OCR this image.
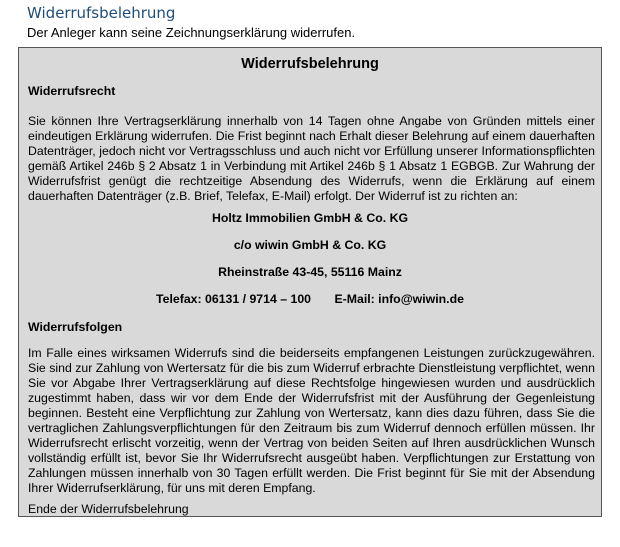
Widerrufsbelehrung
Der Anleger kann seine Zeichnungserklärung widerrufen.
Widerrufsbelehrung
Widerrufsrecht

Sie können Ihre Vertragserklärung innerhalb von 14 Tagen ohne Angabe von Gründen mittels einer eindeutigen Erklärung widerrufen. Die Frist beginnt nach Erhalt dieser Belehrung auf einem dauerhaften Datenträger, jedoch nicht vor Vertragsschluss und auch nicht vor Erfüllung unserer Informationspflichten gemäß Artikel 246b § 2 Absatz 1 in Verbindung mit Artikel 246b § 1 Absatz 1 EGBGB. Zur Wahrung der Widerrufsfrist genügt die rechtzeitige Absendung des Widerrufs, wenn die Erklärung auf einem dauerhaften Datenträger (z.B. Brief, Telefax, E-Mail) erfolgt. Der Widerruf ist zu richten an:

Holtz Immobilien GmbH & Co. KG
c/o wiwin GmbH & Co. KG
Rheinstraße 43-45, 55116 Mainz
Telefax: 06131 / 9714 – 100 E-Mail: info@wiwin.de
Widerrufsfolgen

Im Falle eines wirksamen Widerrufs sind die beiderseits empfangenen Leistungen zurückzugewähren. Sie sind zur Zahlung von Wertersatz für die bis zum Widerruf erbrachte Dienstleistung verpflichtet, wenn Sie vor Abgabe Ihrer Vertragserklärung auf diese Rechtsfolge hingewiesen wurden und ausdrücklich zugestimmt haben, dass wir vor dem Ende der Widerrufsfrist mit der Ausführung der Gegenleistung beginnen. Besteht eine Verpflichtung zur Zahlung von Wertersatz, kann dies dazu führen, dass Sie die vertraglichen Zahlungsverpflichtungen für den Zeitraum bis zum Widerruf dennoch erfüllen müssen. Ihr Widerrufsrecht erlischt vorzeitig, wenn der Vertrag von beiden Seiten auf Ihren ausdrücklichen Wunsch vollständig erfüllt ist, bevor Sie Ihr Widerrufsrecht ausgeübt haben. Verpflichtungen zur Erstattung von Zahlungen müssen innerhalb von 30 Tagen erfüllt werden. Die Frist beginnt für Sie mit der Absendung Ihrer Widerrufserklärung, für uns mit deren Empfang.

Ende der Widerrufsbelehrung
